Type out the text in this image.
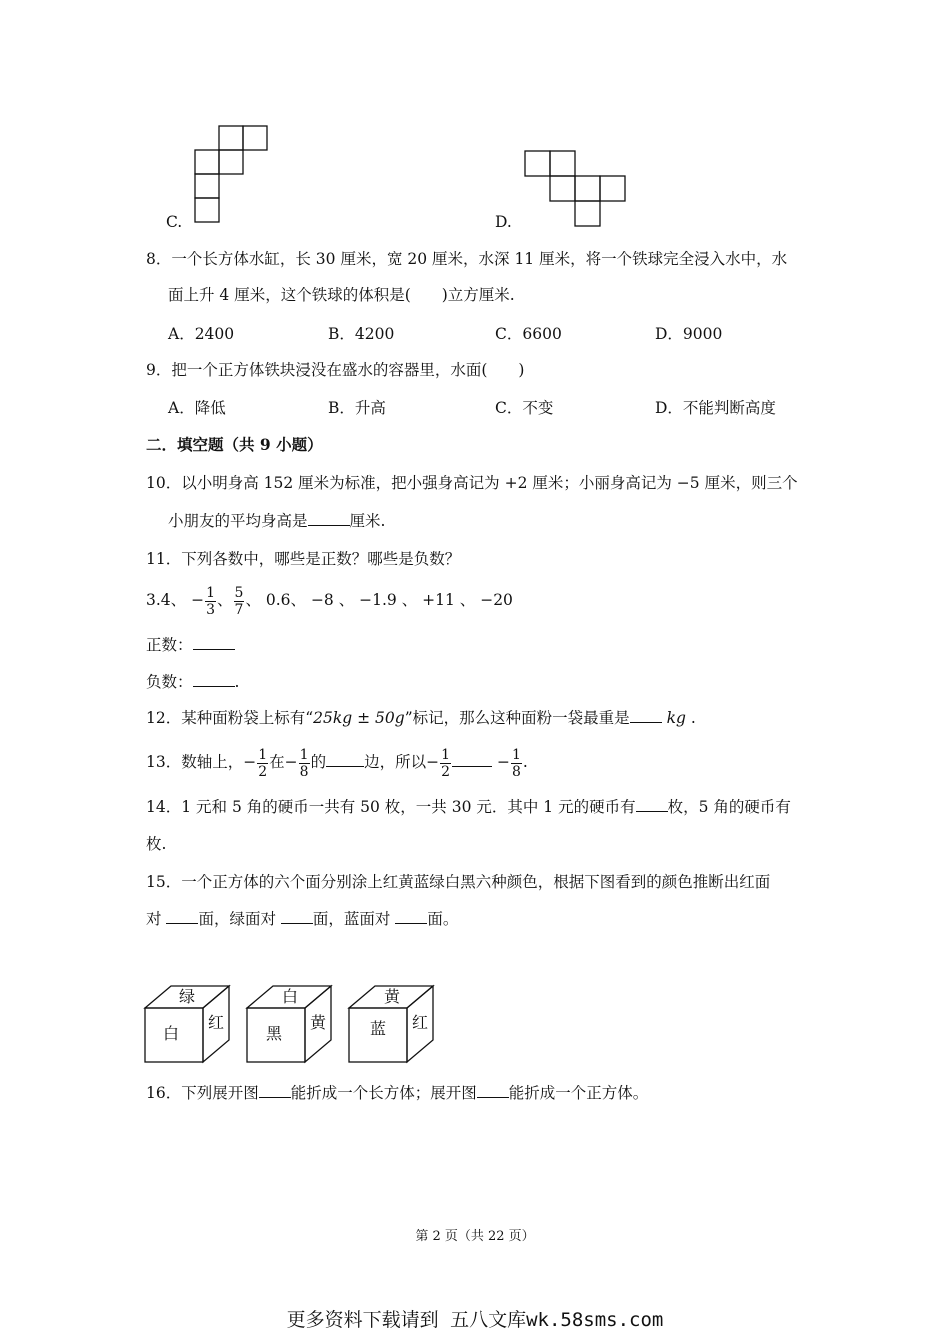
C.	D.
8．一个长方体水缸，长 30 厘米，宽 20 厘米，水深 11 厘米，将一个铁球完全浸入水中，水
面上升 4 厘米，这个铁球的体积是(　　)立方厘米.
A．2400	B．4200	C．6600	D．9000
9．把一个正方体铁块浸没在盛水的容器里，水面(　　)
A．降低	B．升高	C．不变	D．不能判断高度
二．填空题（共 9 小题）
10．以小明身高 152 厘米为标准，把小强身高记为 +2 厘米；小丽身高记为 −5 厘米，则三个
小朋友的平均身高是	厘米.
11．下列各数中，哪些是正数？哪些是负数？
3.4、 − $\frac{1}{3}$ 、 $\frac{5}{7}$ 、 0.6、 −8 、 −1.9 、 +11 、 −20
正数：
负数：	.
12．某种面粉袋上标有“25kg ± 50g”标记，那么这种面粉一袋最重是 kg .
13．数轴上，− $\frac{1}{2}$ 在− $\frac{1}{8}$ 的 边，所以− $\frac{1}{2}$	− $\frac{1}{8}$ .
14．1 元和 5 角的硬币一共有 50 枚，一共 30 元．其中 1 元的硬币有 枚，5 角的硬币有
枚.
15．一个正方体的六个面分别涂上红黄蓝绿白黑六种颜色，根据下图看到的颜色推断出红面
对 面，绿面对 面，蓝面对 面。
绿
白
红
白
黑
黄
黄
蓝 红
16．下列展开图 能折成一个长方体；展开图 能折成一个正方体。
第 2 页（共 22 页）
更多资料下载请到 五八文库wk.58sms.com
